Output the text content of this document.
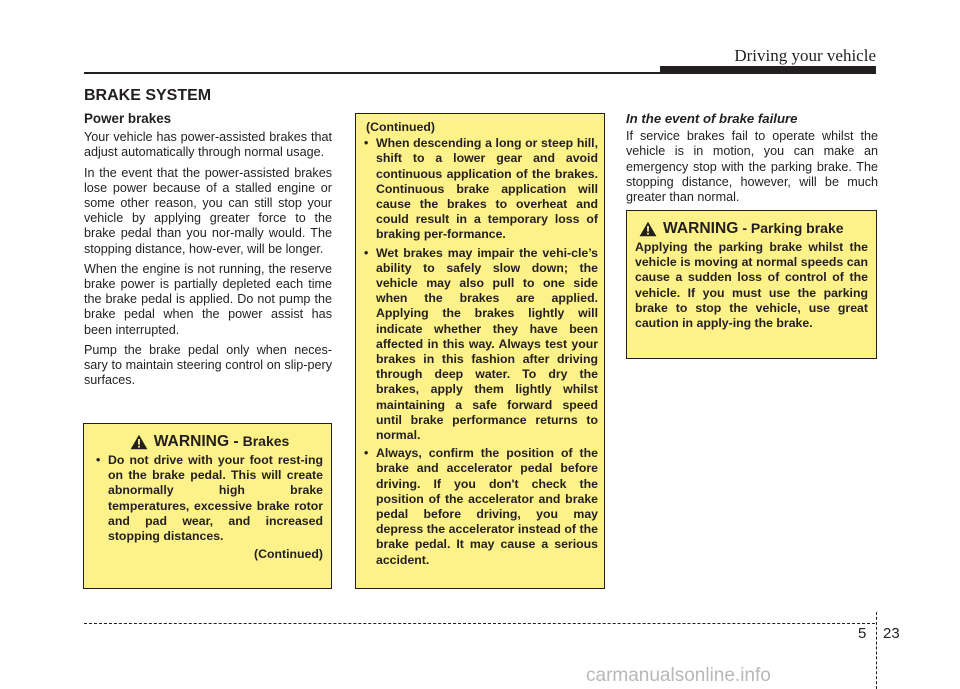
Driving your vehicle
BRAKE SYSTEM
Power brakes

Your vehicle has power-assisted brakes that adjust automatically through normal usage.

In the event that the power-assisted brakes lose power because of a stalled engine or some other reason, you can still stop your vehicle by applying greater force to the brake pedal than you nor-mally would. The stopping distance, how-ever, will be longer.

When the engine is not running, the reserve brake power is partially depleted each time the brake pedal is applied. Do not pump the brake pedal when the power assist has been interrupted.

Pump the brake pedal only when neces-sary to maintain steering control on slip-pery surfaces.

WARNING - Brakes
• Do not drive with your foot rest-ing on the brake pedal. This will create abnormally high brake temperatures, excessive brake rotor and pad wear, and increased stopping distances.
(Continued)
(Continued)
• When descending a long or steep hill, shift to a lower gear and avoid continuous application of the brakes. Continuous brake application will cause the brakes to overheat and could result in a temporary loss of braking per-formance.
• Wet brakes may impair the vehi-cle’s ability to safely slow down; the vehicle may also pull to one side when the brakes are applied. Applying the brakes lightly will indicate whether they have been affected in this way. Always test your brakes in this fashion after driving through deep water. To dry the brakes, apply them lightly whilst maintaining a safe forward speed until brake performance returns to normal.
• Always, confirm the position of the brake and accelerator pedal before driving. If you don't check the position of the accelerator and brake pedal before driving, you may depress the accelerator instead of the brake pedal. It may cause a serious accident.
In the event of brake failure

If service brakes fail to operate whilst the vehicle is in motion, you can make an emergency stop with the parking brake. The stopping distance, however, will be much greater than normal.

WARNING - Parking brake
Applying the parking brake whilst the vehicle is moving at normal speeds can cause a sudden loss of control of the vehicle. If you must use the parking brake to stop the vehicle, use great caution in apply-ing the brake.
5 23
carmanualsonline.info
